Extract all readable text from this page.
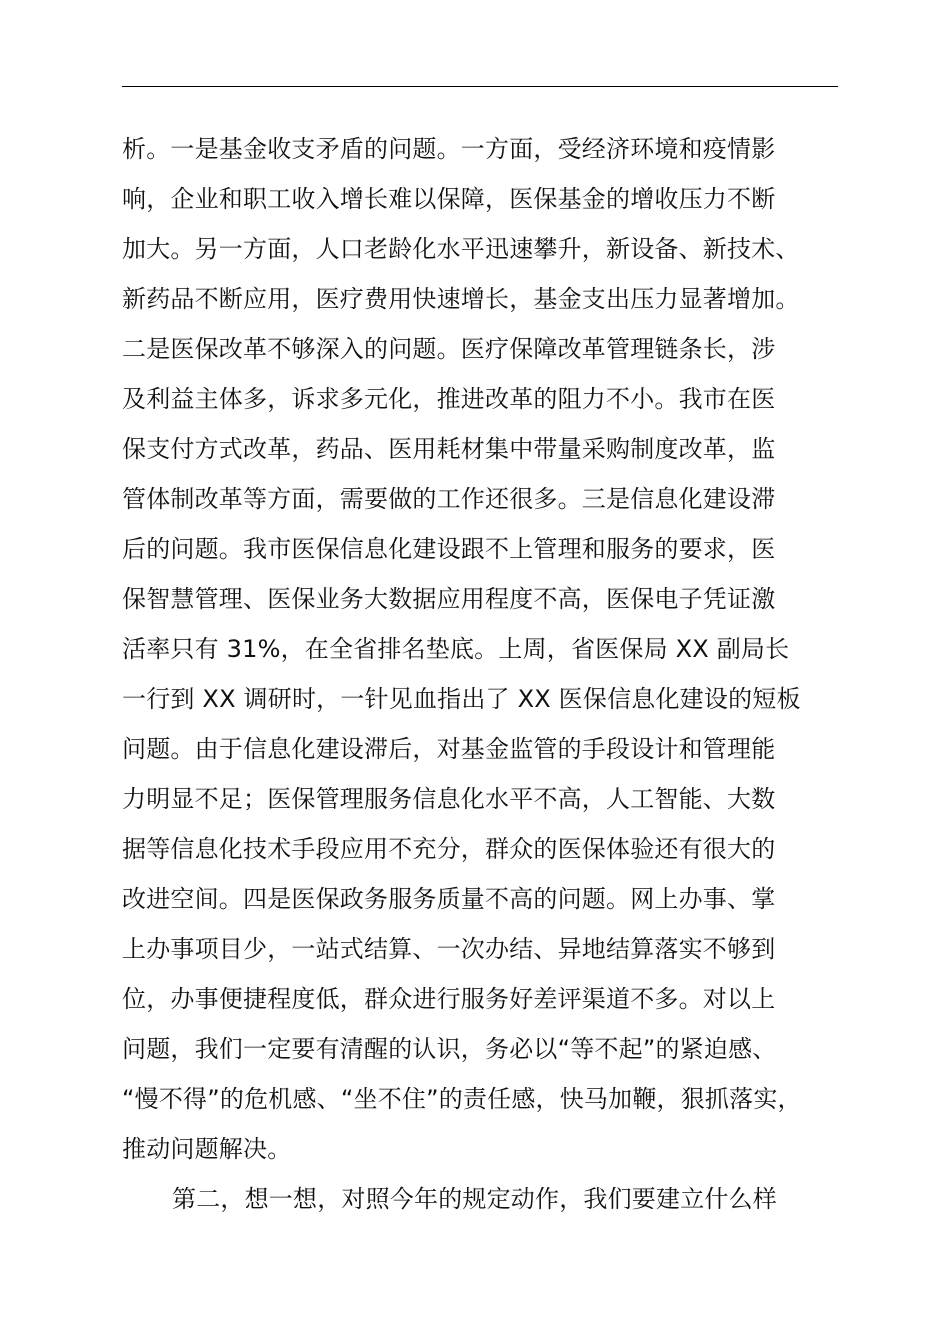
析。一是基金收支矛盾的问题。一方面，受经济环境和疫情影
响，企业和职工收入增长难以保障，医保基金的增收压力不断
加大。另一方面，人口老龄化水平迅速攀升，新设备、新技术、
新药品不断应用，医疗费用快速增长，基金支出压力显著增加。
二是医保改革不够深入的问题。医疗保障改革管理链条长，涉
及利益主体多，诉求多元化，推进改革的阻力不小。我市在医
保支付方式改革，药品、医用耗材集中带量采购制度改革，监
管体制改革等方面，需要做的工作还很多。三是信息化建设滞
后的问题。我市医保信息化建设跟不上管理和服务的要求，医
保智慧管理、医保业务大数据应用程度不高，医保电子凭证激
活率只有 31%，在全省排名垫底。上周，省医保局 XX 副局长
一行到 XX 调研时，一针见血指出了 XX 医保信息化建设的短板
问题。由于信息化建设滞后，对基金监管的手段设计和管理能
力明显不足；医保管理服务信息化水平不高，人工智能、大数
据等信息化技术手段应用不充分，群众的医保体验还有很大的
改进空间。四是医保政务服务质量不高的问题。网上办事、掌
上办事项目少，一站式结算、一次办结、异地结算落实不够到
位，办事便捷程度低，群众进行服务好差评渠道不多。对以上
问题，我们一定要有清醒的认识，务必以“等不起”的紧迫感、
“慢不得”的危机感、“坐不住”的责任感，快马加鞭，狠抓落实，
推动问题解决。
第二，想一想，对照今年的规定动作，我们要建立什么样
